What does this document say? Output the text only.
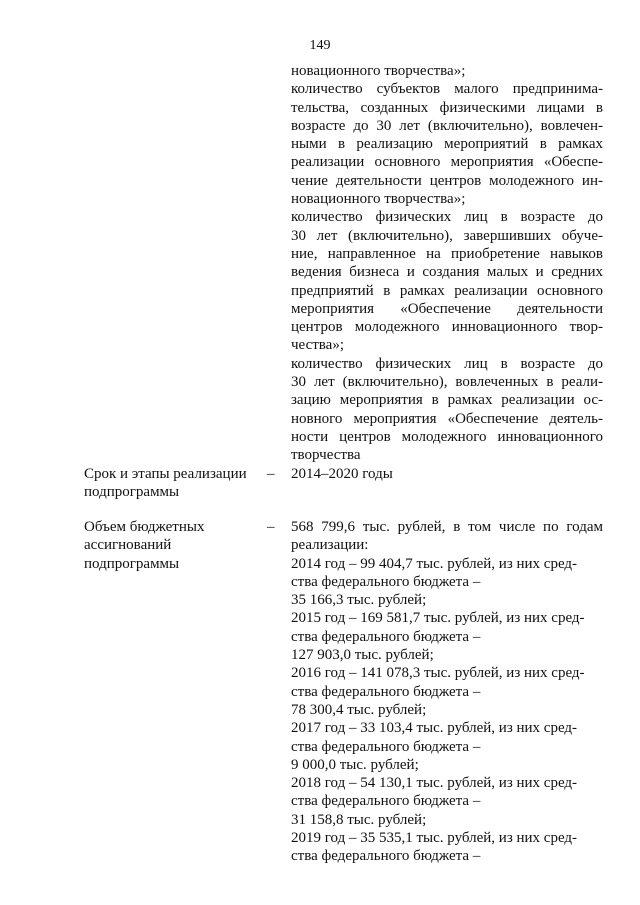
149
новационного творчества»;
количество субъектов малого предпринима-
тельства, созданных физическими лицами в
возрасте до 30 лет (включительно), вовлечен-
ными в реализацию мероприятий в рамках
реализации основного мероприятия «Обеспе-
чение деятельности центров молодежного ин-
новационного творчества»;
количество физических лиц в возрасте до
30 лет (включительно), завершивших обуче-
ние, направленное на приобретение навыков
ведения бизнеса и создания малых и средних
предприятий в рамках реализации основного
мероприятия «Обеспечение деятельности
центров молодежного инновационного твор-
чества»;
количество физических лиц в возрасте до
30 лет (включительно), вовлеченных в реали-
зацию мероприятия в рамках реализации ос-
новного мероприятия «Обеспечение деятель-
ности центров молодежного инновационного
творчества
Срок и этапы реализации
подпрограммы
– 2014–2020 годы
Объем бюджетных
ассигнований
подпрограммы
– 568 799,6 тыс. рублей, в том числе по годам
реализации:
2014 год – 99 404,7 тыс. рублей, из них сред-
ства федерального бюджета –
35 166,3 тыс. рублей;
2015 год – 169 581,7 тыс. рублей, из них сред-
ства федерального бюджета –
127 903,0 тыс. рублей;
2016 год – 141 078,3 тыс. рублей, из них сред-
ства федерального бюджета –
78 300,4 тыс. рублей;
2017 год – 33 103,4 тыс. рублей, из них сред-
ства федерального бюджета –
9 000,0 тыс. рублей;
2018 год – 54 130,1 тыс. рублей, из них сред-
ства федерального бюджета –
31 158,8 тыс. рублей;
2019 год – 35 535,1 тыс. рублей, из них сред-
ства федерального бюджета –
